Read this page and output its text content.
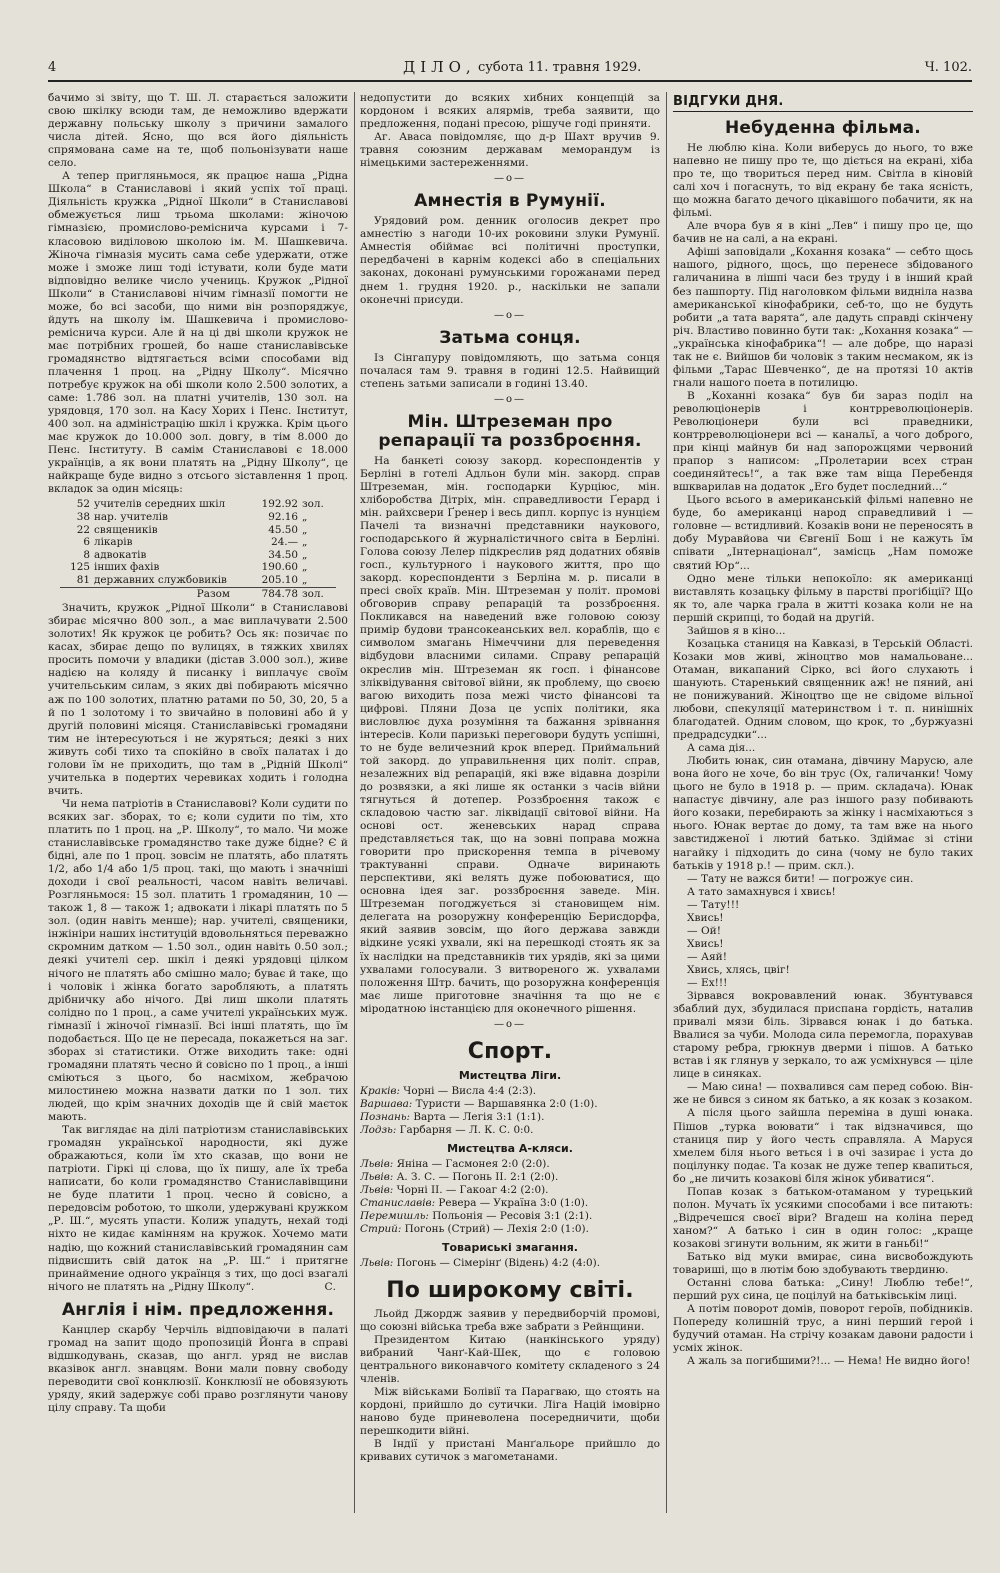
4	ДІЛО, субота 11. травня 1929.	Ч. 102.

бачимо зі звіту, що Т. Ш. Л. старається заложити свою шкілку всюди там, де неможливо вдержати державну польську школу з причини замалого числа дітей. Ясно, що вся його діяльність спрямована саме на те, щоб польонізувати наше село.

А тепер пригляньмося, як працює наша „Рідна Школа“ в Станиславові і який успіх тої праці. Діяльність кружка „Рідної Школи“ в Станиславові обмежується лиш трьома школами: жіночою гімназією, промислово-реміснича курсами і 7-класовою виділовою школою ім. М. Шашкевича. Жіноча гімназія мусить сама себе удержати, отже може і зможе лиш тоді істувати, коли буде мати відповідно велике число учениць. Кружок „Рідної Школи“ в Станиславові нічим гімназії помогти не може, бо всі засоби, що ними він розпоряджує, йдуть на школу ім. Шашкевича і промислово-реміснича курси. Але й на ці дві школи кружок не має потрібних грошей, бо наше станиславівське громадянство відтягається всіми способами від плачення 1 проц. на „Рідну Школу“. Місячно потребує кружок на обі школи коло 2.500 золотих, а саме: 1.786 зол. на платні учителів, 130 зол. на урядовця, 170 зол. на Касу Хорих і Пенс. Інститут, 400 зол. на адміністрацію шкіл і кружка. Крім цього має кружок до 10.000 зол. довгу, в тім 8.000 до Пенс. Інституту. В самім Станиславові є 18.000 українців, а як вони платять на „Рідну Школу“, це найкраще буде видно з отсього зіставлення 1 проц. вкладок за один місяць:

52	учителів середних шкіл	192.92	зол.
38	нар. учителів	92.16	„
22	священиків	45.50	„
6	лікарів	24.—	„
8	адвокатів	34.50	„
125	інших фахів	190.60	„
81	державних службовиків	205.10	„
	Разом	784.78	зол.

Значить, кружок „Рідної Школи“ в Станиславові збирає місячно 800 зол., а має виплачувати 2.500 золотих! Як кружок це робить? Ось як: позичає по касах, збирає дещо по вулицях, в тяжких хвилях просить помочи у владики (дістав 3.000 зол.), живе надією на коляду й писанку і виплачує своїм учительським силам, з яких дві побирають місячно аж по 100 золотих, платню ратами по 50, 30, 20, 5 а й по 1 золотому і то звичайно в половині або й у другій половині місяця. Станиславівські громадяни тим не інтересуються і не журяться; деякі з них живуть собі тихо та спокійно в своїх палатах і до голови їм не приходить, що там в „Рідній Школі“ учителька в подертих черевиках ходить і голодна вчить.

Чи нема патріотів в Станиславові? Коли судити по всяких заг. зборах, то є; коли судити по тім, хто платить по 1 проц. на „Р. Школу“, то мало. Чи може станиславівське громадянство таке дуже бідне? Є й бідні, але по 1 проц. зовсім не платять, або платять 1/2, або 1/4 або 1/5 проц. такі, що мають і значніші доходи і свої реальності, часом навіть величаві. Розгляньмося: 15 зол. платить 1 громадянин, 10 — також 1, 8 — також 1; адвокати і лікарі платять по 5 зол. (один навіть менше); нар. учителі, священики, інжініри наших інституцій вдовольняться переважно скромним датком — 1.50 зол., один навіть 0.50 зол.; деякі учителі сер. шкіл і деякі урядовці цілком нічого не платять або смішно мало; буває й таке, що і чоловік і жінка богато заробляють, а платять дрібничку або нічого. Дві лиш школи платять солідно по 1 проц., а саме учителі українських муж. гімназії і жіночої гімназії. Всі інші платять, що їм подобається. Що це не пересада, покажеться на заг. зборах зі статистики. Отже виходить таке: одні громадяни платять чесно й совісно по 1 проц., а інші сміються з цього, бо насміхом, жебрачою милостинею можна назвати датки по 1 зол. тих людей, що крім значних доходів ще й свій маєток мають.

Так виглядає на ділі патріотизм станиславівських громадян української народности, які дуже ображаються, коли їм хто сказав, що вони не патріоти. Гіркі ці слова, що їх пишу, але їх треба написати, бо коли громадянство Станиславівщини не буде платити 1 проц. чесно й совісно, а передовсім роботою, то школи, удержувані кружком „Р. Ш.“, мусять упасти. Колиж упадуть, нехай тоді ніхто не кидає камінням на кружок. Хочемо мати надію, що кожний станиславівський громадянин сам підвисшить свій даток на „Р. Ш.“ і притягне принаймение одного українця з тих, що досі взагалі нічого не платять на „Рідну Школу“.	С.

Англія і нім. предложення.

Канцлер скарбу Черчіль відповідаючи в палаті громад на запит щодо пропозицій Йонга в справі відшкодувань, сказав, що англ. уряд не вислав вказівок англ. знавцям. Вони мали повну свободу переводити свої конклюзії. Конклюзії не обовязують уряду, який задержує собі право розглянути чанову цілу справу. Та щоби

недопустити до всяких хибних концепцій за кордоном і всяких алярмів, треба заявити, що предложення, подані пресою, рішуче годі приняти.

Аг. Аваса повідомляє, що д-р Шахт вручив 9. травня союзним державам меморандум із німецькими застереженнями.

—o—
Амнестія в Румунії.

Урядовий ром. денник оголосив декрет про амнестію з нагоди 10-их роковини злуки Румунії. Амнестія обіймає всі політичні проступки, передбачені в карнім кодексі або в спеціальних законах, доконані румунськими горожанами перед днем 1. грудня 1920. р., наскільки не запали оконечні присуди.

—o—
Затьма сонця.

Із Сінгапуру повідомляють, що затьма сонця почалася там 9. травня в годині 12.5. Найвищий степень затьми записали в годині 13.40.

—o—
Мін. Штреземан про репарації та роззброєння.

На банкеті союзу закорд. кореспондентів у Берліні в готелі Адльон були мін. закорд. справ Штреземан, мін. господарки Курціюс, мін. хліборобства Дітріх, мін. справедливости Ґерард і мін. райхсвери Ґренер і весь дипл. корпус із нунцієм Пачелі та визначні представники наукового, господарського й журналістичного світа в Берліні. Голова союзу Лелер підкреслив ряд додатних обявів госп., культурного і наукового життя, про що закорд. кореспонденти з Берліна м. р. писали в пресі своїх країв. Мін. Штреземан у політ. промові обговорив справу репарацій та роззброєння. Покликався на наведений вже головою союзу примір будови трансокеанських вел. кораблів, що є символом змагань Німеччини для переведення відбудови власними силами. Справу репарацій окреслив мін. Штреземан як госп. і фінансове зліквідування світової війни, як проблему, що своєю вагою виходить поза межі чисто фінансові та цифрові. Пляни Доза це успіх політики, яка висловлює духа розуміння та бажання зрівнання інтересів. Коли паризькі переговори будуть успішні, то не буде величезний крок вперед. Приймальний той закорд. до управильнення цих політ. справ, незалежних від репарацій, які вже відавна дозріли до розвязки, а які лише як останки з часів війни тягнуться й дотепер. Роззброєння також є складовою частю заг. ліквідації світової війни. На основі ост. женевських нарад справа представляється так, що на зовні поправа можна говорити про прискорення темпа в річевому трактуванні справи. Одначе виринають перспективи, які велять дуже побоюватися, що основна ідея заг. роззброєння заведе. Мін. Штреземан погоджується зі становищем нім. делегата на розоружну конференцію Берисдорфа, який заявив зовсім, що його держава завжди відкине усякі ухвали, які на перешкоді стоять як за їх наслідки на представників тих урядів, які за цими ухвалами голосували. З витвореного ж. ухвалами положення Штр. бачить, що розоружна конференція має лише приготовне значіння та що не є міродатною інстанцією для оконечного рішення.

—o—
Спорт.
Мистецтва Ліги.
Краків: Чорні — Висла 4:4 (2:3).
Варшава: Туристи — Варшавянка 2:0 (1:0).
Познань: Варта — Легія 3:1 (1:1).
Лодзь: Гарбарня — Л. К. С. 0:0.
Мистецтва А-кляси.
Львів: Яніна — Гасмонея 2:0 (2:0).
Львів: А. З. С. — Погонь II. 2:1 (2:0).
Львів: Чорні II. — Гакоаг 4:2 (2:0).
Станиславів: Ревера — Україна 3:0 (1:0).
Перемишль: Польонія — Ресовія 3:1 (2:1).
Стрий: Погонь (Стрий) — Лехія 2:0 (1:0).
Товариські змагання.
Львів: Погонь — Сімерінґ (Відень) 4:2 (4:0).
По широкому світі.

Льойд Джордж заявив у передвиборчій промові, що союзні війська треба вже забрати з Рейнщини.

Президентом Китаю (нанкінського уряду) вибраний Чанґ-Кай-Шек, що є головою центрального виконавчого комітету складеного з 24 членів.

Між військами Болівії та Парагваю, що стоять на кордоні, прийшло до сутички. Ліга Націй імовірно наново буде приневолена посередничити, щоби перешкодити війні.

В Індії у пристані Манґальоре прийшло до кривавих сутичок з магометанами.

ВІДГУКИ ДНЯ.
Небуденна фільма.

Не люблю кіна. Коли виберусь до нього, то вже напевно не пишу про те, що діється на екрані, хіба про те, що твориться перед ним. Світла в кіновій салі хоч і погаснуть, то від екрану бе така ясність, що можна багато дечого цікавішого побачити, як на фільмі.

Але вчора був я в кіні „Лев“ і пишу про це, що бачив не на салі, а на екрані.

Афіші заповідали „Кохання козака“ — себто щось нашого, рідного, щось, що перенесе збідованого галичанина в лішпі часи без труду і в інший край без пашпорту. Під наголовком фільми видніла назва американської кінофабрики, себ-то, що не будуть робити „а тата варята“, але дадуть справді скінчену річ. Властиво повинно бути так: „Кохання козака“ — „українська кінофабрика“! — але добре, що наразі так не є. Вийшов би чоловік з таким несмаком, як із фільми „Тарас Шевченко“, де на протязі 10 актів гнали нашого поета в потилицю.

В „Коханні козака“ був би зараз поділ на революціонерів і контрреволюціонерів. Революціонери були всі праведники, контрреволюціонери всі — канальї, а чого доброго, при кінці майнув би над запорожцями червоний прапор з написом: „Пролетарии всех стран соединяйтесь!“, а так вже там віща Перебендя вшкварилав на додаток „Его будет последний...“

Цього всього в американській фільмі напевно не буде, бо американці народ справедливий і — головне — встидливий. Козаків вони не переносять в добу Муравйова чи Євгенії Бош і не кажуть їм співати „Інтернаціонал“, замісць „Нам поможе святий Юр“...

Одно мене тільки непокоїло: як американці виставлять козацьку фільму в парстві прогібіції? Що як то, але чарка грала в житті козака коли не на першій скрипці, то бодай на другій.

Зайшов я в кіно...

Козацька станиця на Кавказі, в Терській Області. Козаки мов живі, жіноцтво мов намальоване... Отаман, викапаний Сірко, всі його слухають і шанують. Старенький священник аж! не пяний, ані не понижуваний. Жіноцтво ще не свідоме вільної любови, спекуляції материнством і т. п. нинішніх благодатей. Одним словом, що крок, то „буржуазні предрадсудки“...

А сама дія...

Любить юнак, син отамана, дівчину Марусю, але вона його не хоче, бо він трус (Ох, галичанки! Чому цього не було в 1918 р. — прим. складача). Юнак напастує дівчину, але раз іншого разу побивають його козаки, перебирають за жінку і насміхаються з нього. Юнак вертає до дому, та там вже на нього завстидженої і лютий батько. Здіймає зі стіни нагайку і підходить до сина (чому не було таких батьків у 1918 р.! — прим. скл.).

— Тату не важся бити! — погрожує син.

А тато замахнувся і хвись!

— Тату!!!

Хвись!

— Ой!

Хвись!

— Аяй!

Хвись, хлясь, цвіг!

— Ех!!!

Зірвався вокровавлений юнак. Збунтувався збаблий дух, збудилася приспана гордість, наталив привалі мязи біль. Зірвався юнак і до батька. Ввалися за чуби. Молода сила перемогла, порахував старому ребра, грюкнув дверми і пішов. А батько встав і як глянув у зеркало, то аж усміхнувся — ціле лице в синяках.

— Маю сина! — похвалився сам перед собою. Він-же не бився з сином як батько, а як козак з козаком.

А після цього зайшла переміна в душі юнака. Пішов „турка воювати“ і так відзначився, що станиця пир у його честь справляла. А Маруся хмелем біля нього веться і в очі зазирає і уста до поцілунку подає. Та козак не дуже тепер квапиться, бо „не личить козакові біля жінок убиватися“.

Попав козак з батьком-отаманом у турецький полон. Мучать їх усякими способами і все питають: „Відречешся своєї віри? Вгадеш на коліна перед ханом?“ А батько і син в один голос: „краще козакові згинути вольним, як жити в ганьбі!“

Батько від муки вмирає, сина висвобождують товариші, що в лютім бою здобувають твердиню.

Останні слова батька: „Сину! Люблю тебе!“, перший рух сина, це поцілуй на батьківськім лиці.

А потім поворот домів, поворот героїв, побідників. Попереду колишній трус, а нині перший герой і будучий отаман. На стрічу козакам давони радости і усміх жінок.

А жаль за погибшими?!... — Нема! Не видно його!
